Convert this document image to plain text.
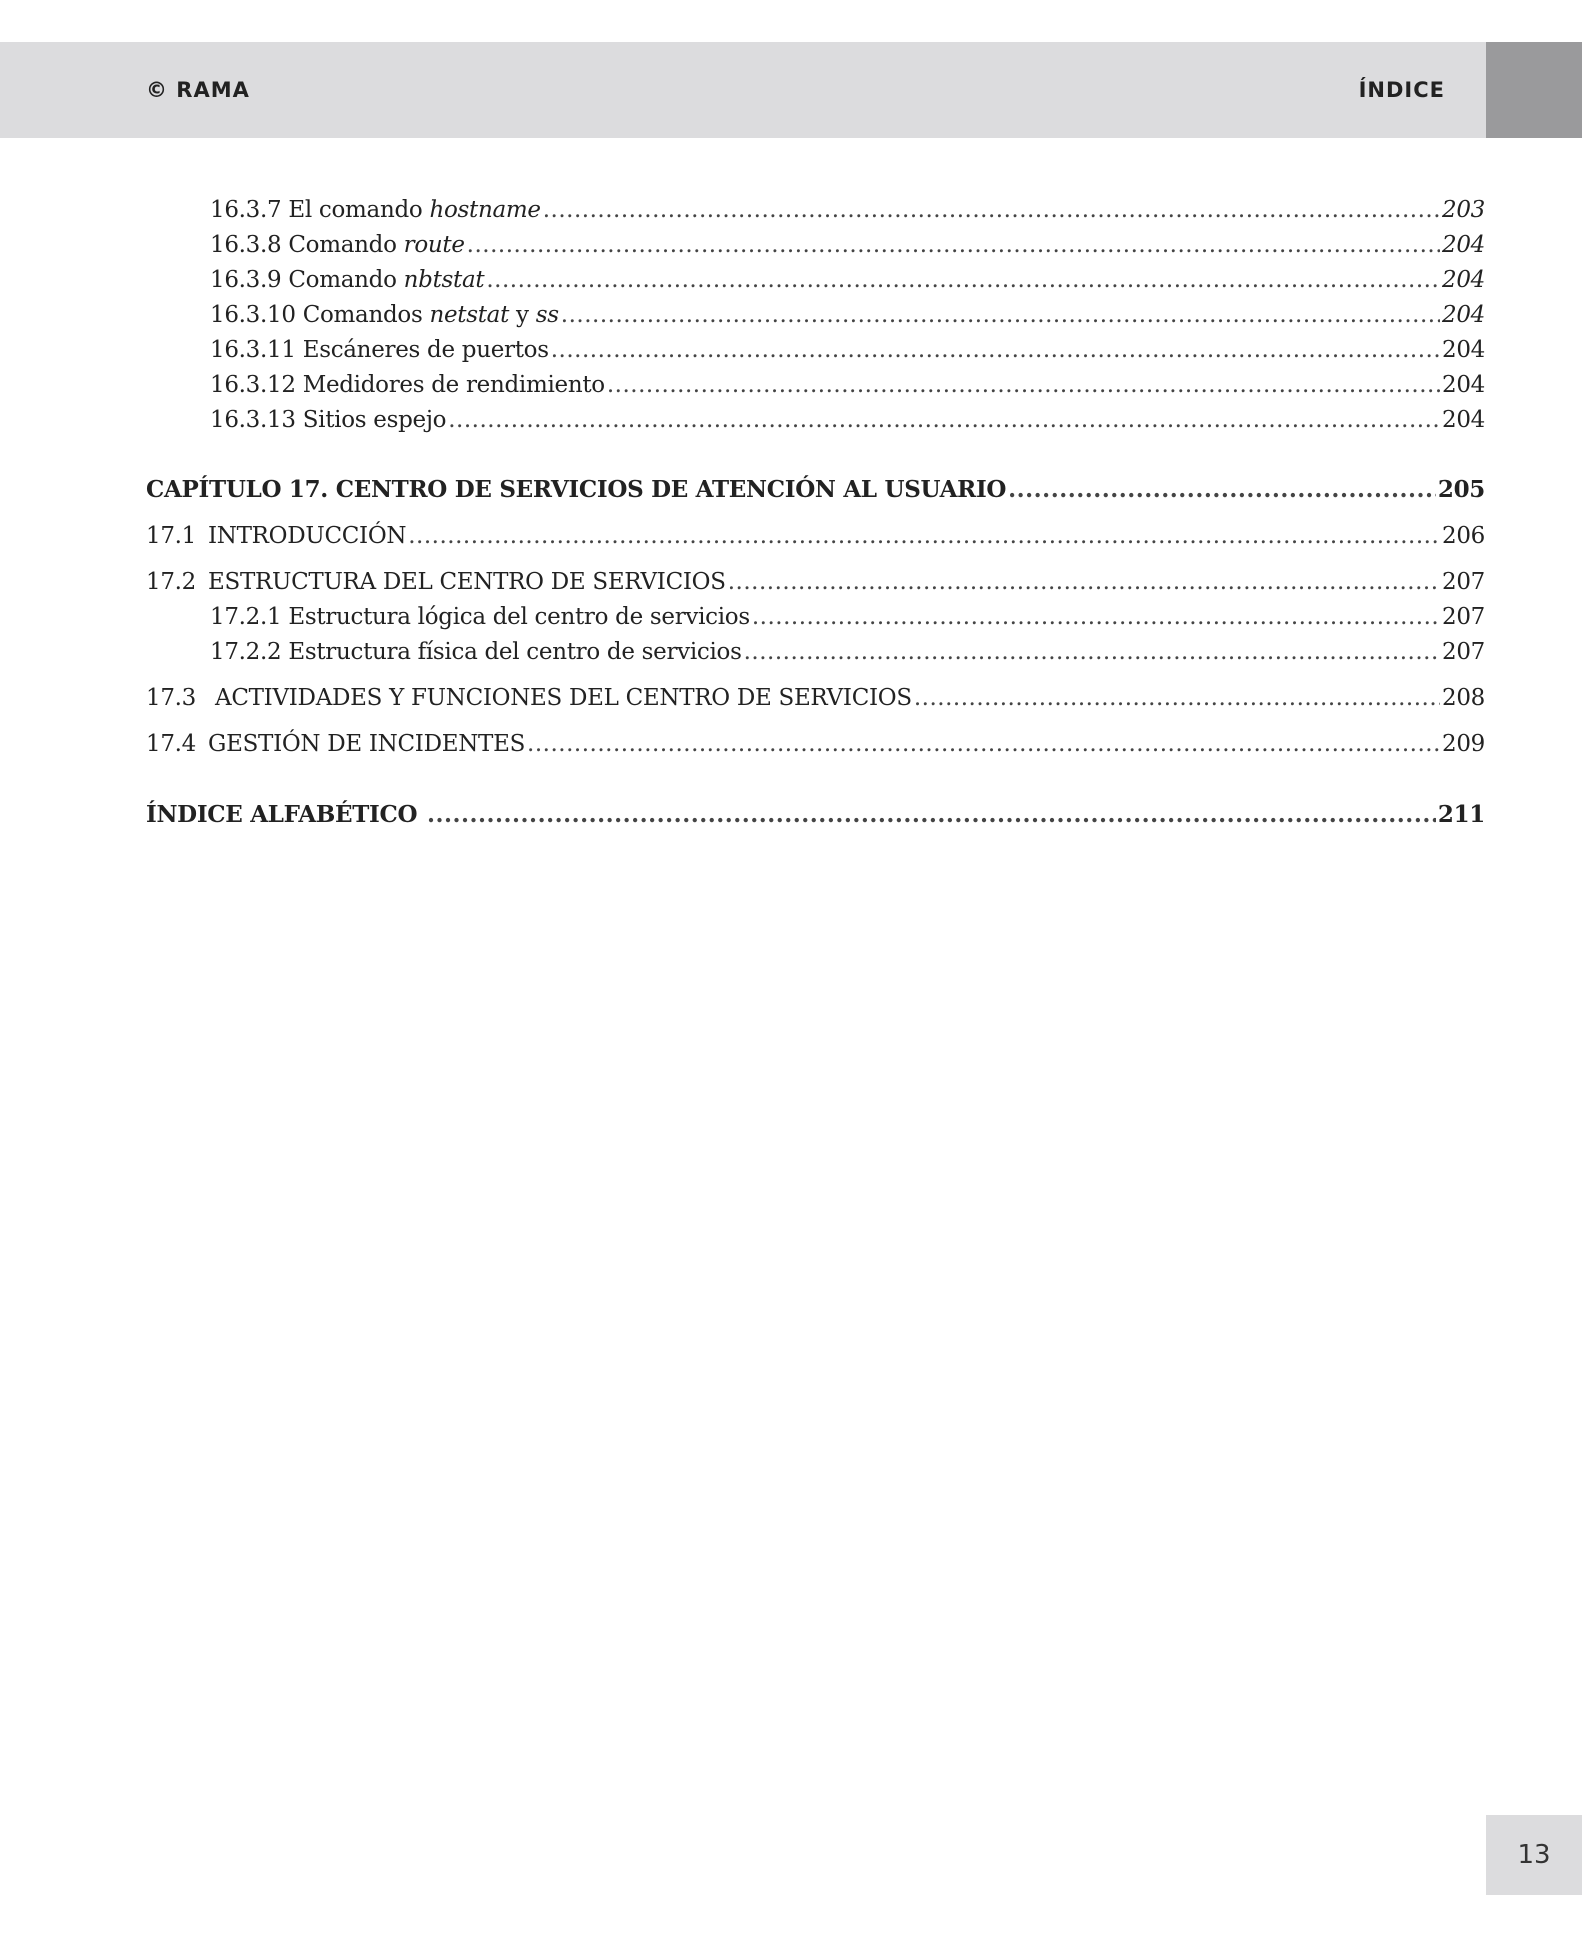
© RAMA	ÍNDICE
16.3.7 El comando hostname .....	203
16.3.8 Comando route .....	204
16.3.9 Comando nbtstat .....	204
16.3.10 Comandos netstat y ss .....	204
16.3.11 Escáneres de puertos .....	204
16.3.12 Medidores de rendimiento .....	204
16.3.13 Sitios espejo .....	204
CAPÍTULO 17. CENTRO DE SERVICIOS DE ATENCIÓN AL USUARIO .....	205
17.1 INTRODUCCIÓN .....	206
17.2 ESTRUCTURA DEL CENTRO DE SERVICIOS .....	207
17.2.1 Estructura lógica del centro de servicios .....	207
17.2.2 Estructura física del centro de servicios .....	207
17.3 ACTIVIDADES Y FUNCIONES DEL CENTRO DE SERVICIOS .....	208
17.4 GESTIÓN DE INCIDENTES .....	209
ÍNDICE ALFABÉTICO .....	211
13
